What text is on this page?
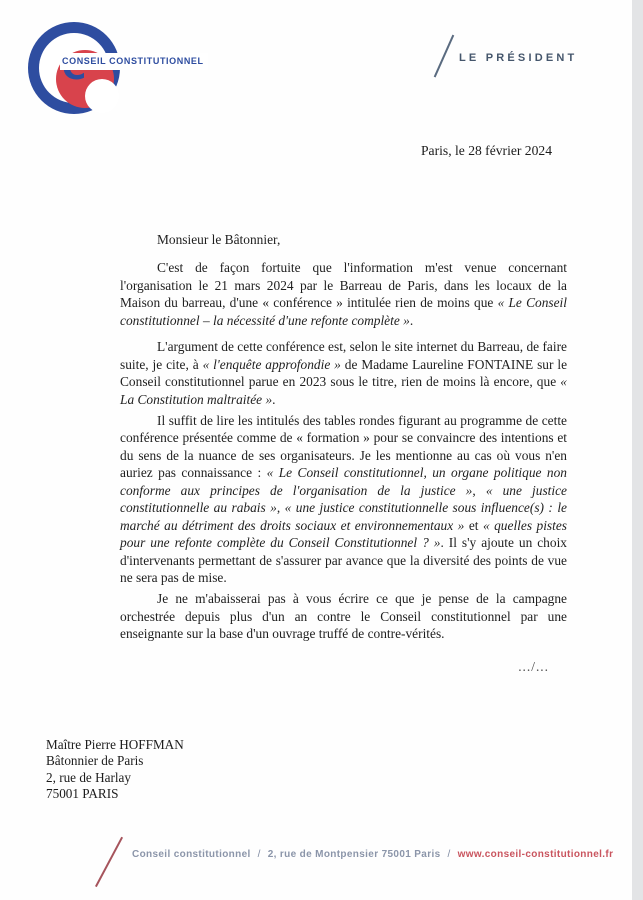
CONSEIL CONSTITUTIONNEL	LE PRÉSIDENT
Paris, le 28 février 2024

Monsieur le Bâtonnier,

C'est de façon fortuite que l'information m'est venue concernant l'organisation le 21 mars 2024 par le Barreau de Paris, dans les locaux de la Maison du barreau, d'une « conférence » intitulée rien de moins que « Le Conseil constitutionnel – la nécessité d'une refonte complète ».

L'argument de cette conférence est, selon le site internet du Barreau, de faire suite, je cite, à « l'enquête approfondie » de Madame Laureline FONTAINE sur le Conseil constitutionnel parue en 2023 sous le titre, rien de moins là encore, que « La Constitution maltraitée ».

Il suffit de lire les intitulés des tables rondes figurant au programme de cette conférence présentée comme de « formation » pour se convaincre des intentions et du sens de la nuance de ses organisateurs. Je les mentionne au cas où vous n'en auriez pas connaissance : « Le Conseil constitutionnel, un organe politique non conforme aux principes de l'organisation de la justice », « une justice constitutionnelle au rabais », « une justice constitutionnelle sous influence(s) : le marché au détriment des droits sociaux et environnementaux » et « quelles pistes pour une refonte complète du Conseil Constitutionnel ? ». Il s'y ajoute un choix d'intervenants permettant de s'assurer par avance que la diversité des points de vue ne sera pas de mise.

Je ne m'abaisserai pas à vous écrire ce que je pense de la campagne orchestrée depuis plus d'un an contre le Conseil constitutionnel par une enseignante sur la base d'un ouvrage truffé de contre-vérités.

.../...
Maître Pierre HOFFMAN
Bâtonnier de Paris
2, rue de Harlay
75001 PARIS
Conseil constitutionnel / 2, rue de Montpensier 75001 Paris / www.conseil-constitutionnel.fr
